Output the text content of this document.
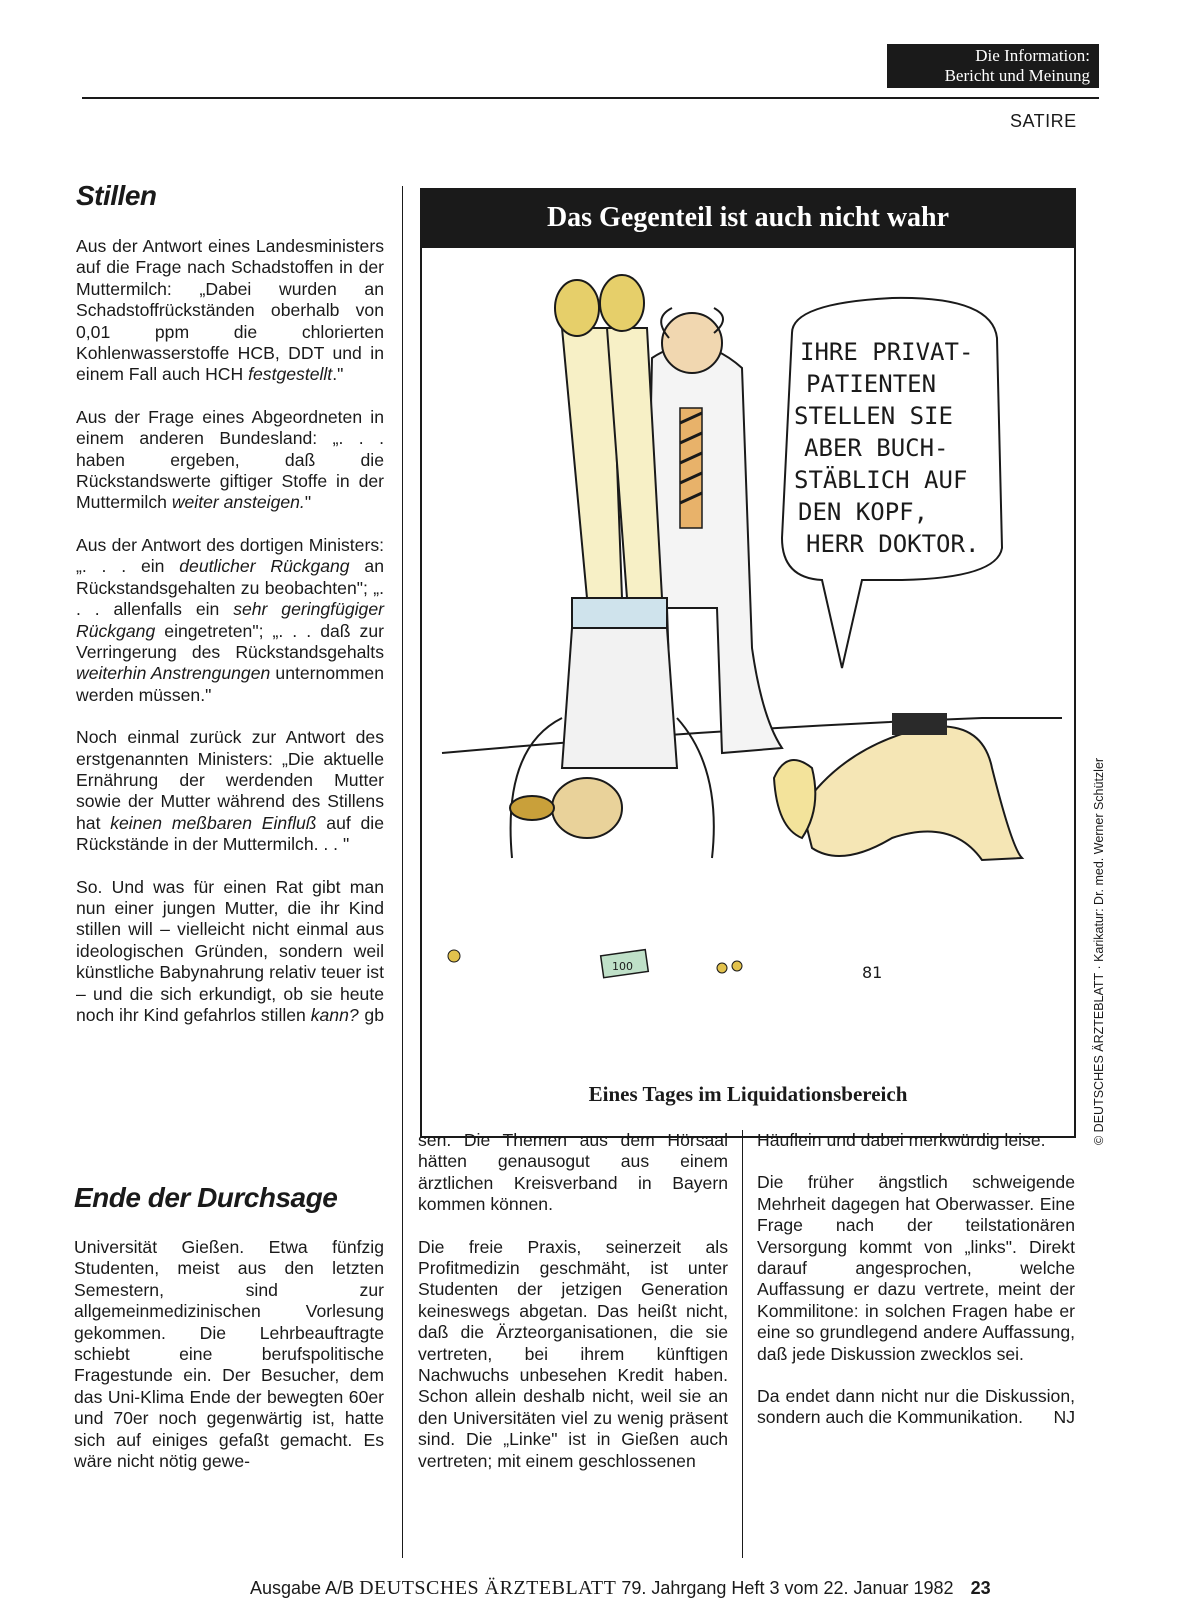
Die Information:
Bericht und Meinung
SATIRE
Stillen

Aus der Antwort eines Landesministers auf die Frage nach Schadstoffen in der Muttermilch: „Dabei wurden an Schadstoffrückständen oberhalb von 0,01 ppm die chlorierten Kohlenwasserstoffe HCB, DDT und in einem Fall auch HCH festgestellt."

Aus der Frage eines Abgeordneten in einem anderen Bundesland: „. . . haben ergeben, daß die Rückstandswerte giftiger Stoffe in der Muttermilch weiter ansteigen."

Aus der Antwort des dortigen Ministers: „. . . ein deutlicher Rückgang an Rückstandsgehalten zu beobachten"; „. . . allenfalls ein sehr geringfügiger Rückgang eingetreten"; „. . . daß zur Verringerung des Rückstandsgehalts weiterhin Anstrengungen unternommen werden müssen."

Noch einmal zurück zur Antwort des erstgenannten Ministers: „Die aktuelle Ernährung der werdenden Mutter sowie der Mutter während des Stillens hat keinen meßbaren Einfluß auf die Rückstände in der Muttermilch. . . "

So. Und was für einen Rat gibt man nun einer jungen Mutter, die ihr Kind stillen will – vielleicht nicht einmal aus ideologischen Gründen, sondern weil künstliche Babynahrung relativ teuer ist – und die sich erkundigt, ob sie heute noch ihr Kind gefahrlos stillen kann? gb

Das Gegenteil ist auch nicht wahr
100	81
IHRE PRIVAT- PATIENTEN STELLEN SIE ABER BUCH- STÄBLICH AUF DEN KOPF, HERR DOKTOR.
Eines Tages im Liquidationsbereich	© DEUTSCHES ÄRZTEBLATT · Karikatur: Dr. med. Werner Schützler
Ende der Durchsage

Universität Gießen. Etwa fünfzig Studenten, meist aus den letzten Semestern, sind zur allgemeinmedizinischen Vorlesung gekommen. Die Lehrbeauftragte schiebt eine berufspolitische Fragestunde ein. Der Besucher, dem das Uni-Klima Ende der bewegten 60er und 70er noch gegenwärtig ist, hatte sich auf einiges gefaßt gemacht. Es wäre nicht nötig gewe-

sen. Die Themen aus dem Hörsaal hätten genausogut aus einem ärztlichen Kreisverband in Bayern kommen können.

Die freie Praxis, seinerzeit als Profitmedizin geschmäht, ist unter Studenten der jetzigen Generation keineswegs abgetan. Das heißt nicht, daß die Ärzteorganisationen, die sie vertreten, bei ihrem künftigen Nachwuchs unbesehen Kredit haben. Schon allein deshalb nicht, weil sie an den Universitäten viel zu wenig präsent sind. Die „Linke" ist in Gießen auch vertreten; mit einem geschlossenen

Häuflein und dabei merkwürdig leise.

Die früher ängstlich schweigende Mehrheit dagegen hat Oberwasser. Eine Frage nach der teilstationären Versorgung kommt von „links". Direkt darauf angesprochen, welche Auffassung er dazu vertrete, meint der Kommilitone: in solchen Fragen habe er eine so grundlegend andere Auffassung, daß jede Diskussion zwecklos sei.

Da endet dann nicht nur die Diskussion, sondern auch die Kommunikation. NJ

Ausgabe A/B DEUTSCHES ÄRZTEBLATT 79. Jahrgang Heft 3 vom 22. Januar 1982 23
